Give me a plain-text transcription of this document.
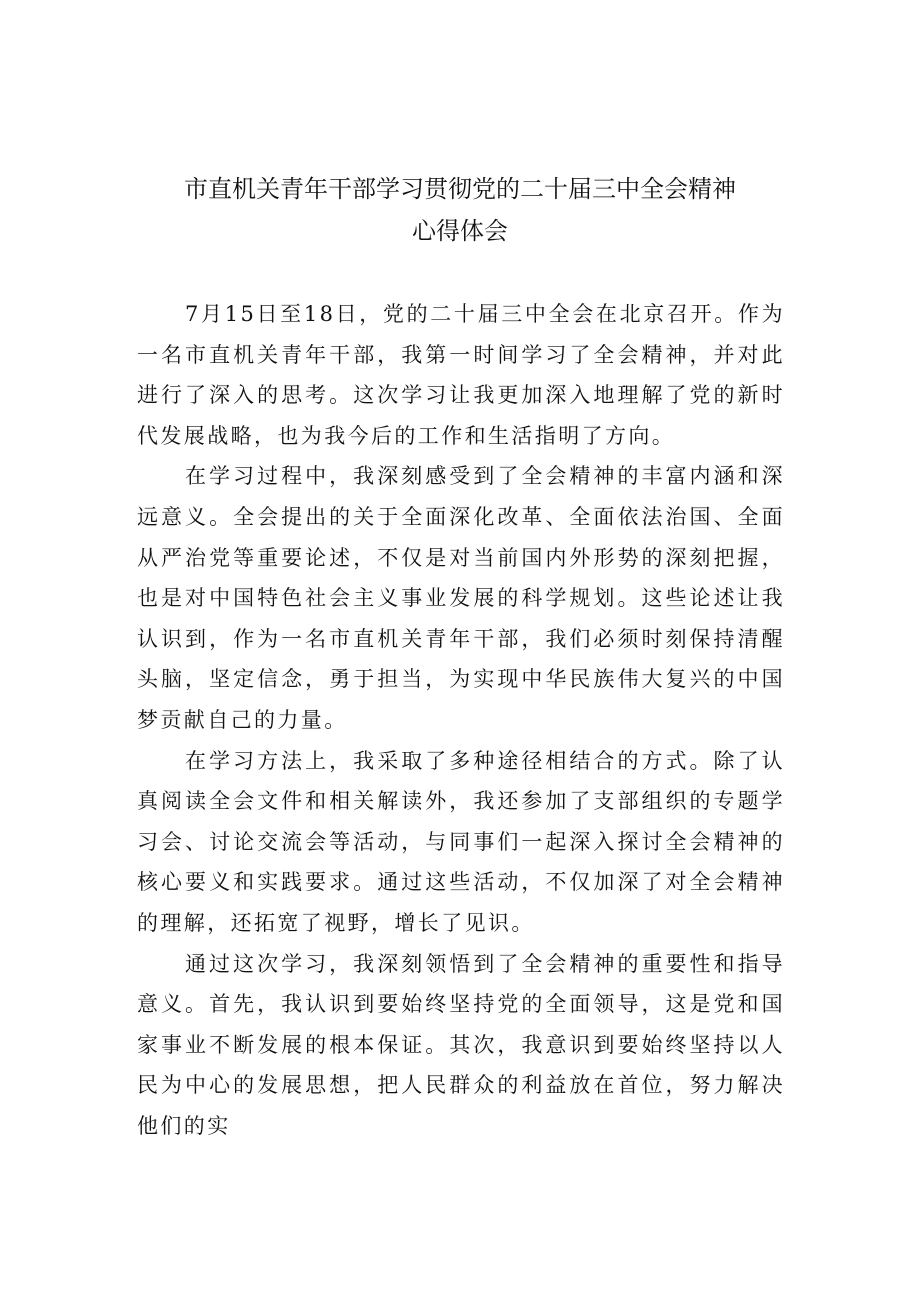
市直机关青年干部学习贯彻党的二十届三中全会精神
心得体会

7月15日至18日，党的二十届三中全会在北京召开。作为一名市直机关青年干部，我第一时间学习了全会精神，并对此进行了深入的思考。这次学习让我更加深入地理解了党的新时代发展战略，也为我今后的工作和生活指明了方向。

在学习过程中，我深刻感受到了全会精神的丰富内涵和深远意义。全会提出的关于全面深化改革、全面依法治国、全面从严治党等重要论述，不仅是对当前国内外形势的深刻把握，也是对中国特色社会主义事业发展的科学规划。这些论述让我认识到，作为一名市直机关青年干部，我们必须时刻保持清醒头脑，坚定信念，勇于担当，为实现中华民族伟大复兴的中国梦贡献自己的力量。

在学习方法上，我采取了多种途径相结合的方式。除了认真阅读全会文件和相关解读外，我还参加了支部组织的专题学习会、讨论交流会等活动，与同事们一起深入探讨全会精神的核心要义和实践要求。通过这些活动，不仅加深了对全会精神的理解，还拓宽了视野，增长了见识。

通过这次学习，我深刻领悟到了全会精神的重要性和指导意义。首先，我认识到要始终坚持党的全面领导，这是党和国家事业不断发展的根本保证。其次，我意识到要始终坚持以人民为中心的发展思想，把人民群众的利益放在首位，努力解决他们的实
